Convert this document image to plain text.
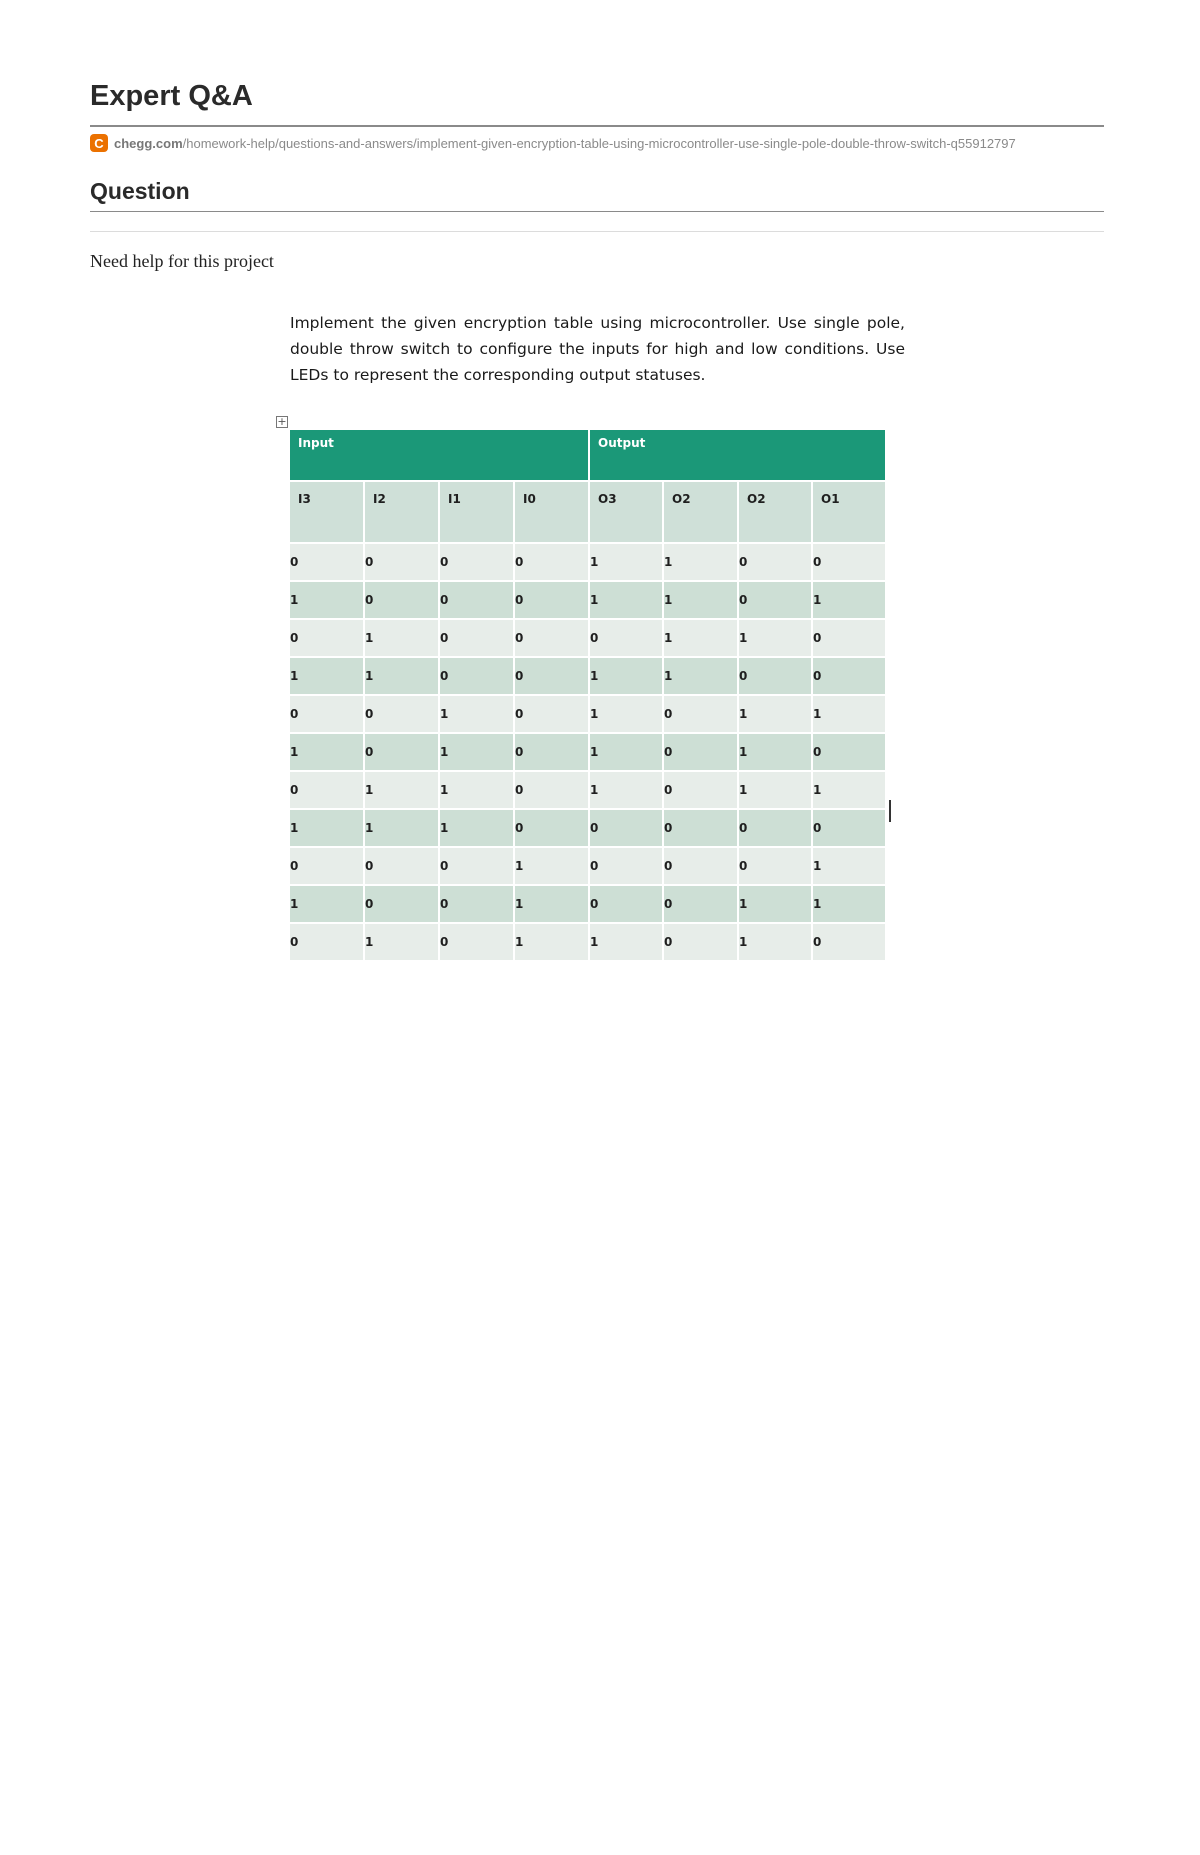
Expert Q&A
C chegg.com /homework-help/questions-and-answers/implement-given-encryption-table-using-microcontroller-use-single-pole-double-throw-switch-q55912797
Question
Need help for this project

Implement the given encryption table using microcontroller. Use single pole, double throw switch to configure the inputs for high and low conditions. Use LEDs to represent the corresponding output statuses.

+
Input				Output			
I3	I2	I1	I0	O3	O2	O2	O1
0	0	0	0	1	1	0	0
1	0	0	0	1	1	0	1
0	1	0	0	0	1	1	0
1	1	0	0	1	1	0	0
0	0	1	0	1	0	1	1
1	0	1	0	1	0	1	0
0	1	1	0	1	0	1	1
1	1	1	0	0	0	0	0
0	0	0	1	0	0	0	1
1	0	0	1	0	0	1	1
0	1	0	1	1	0	1	0
